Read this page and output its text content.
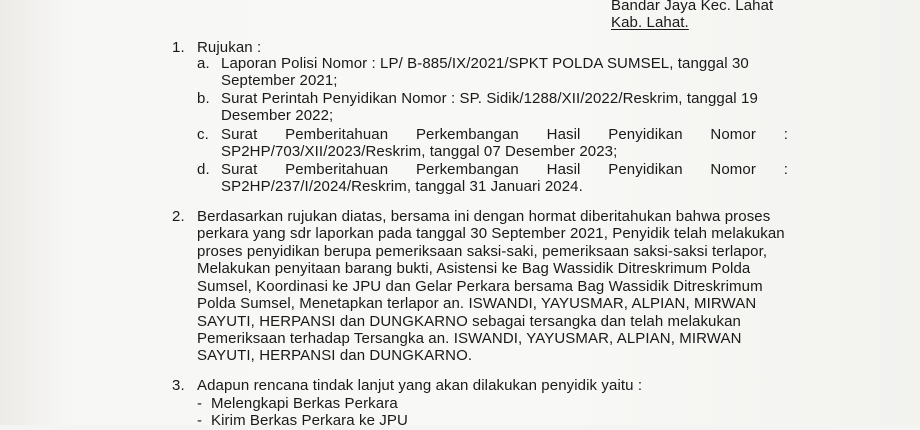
Bandar Jaya Kec. Lahat
Kab. Lahat.
1. Rujukan :
a. Laporan Polisi Nomor : LP/ B-885/IX/2021/SPKT POLDA SUMSEL, tanggal 30
September 2021;
b. Surat Perintah Penyidikan Nomor : SP. Sidik/1288/XII/2022/Reskrim, tanggal 19
Desember 2022;
c. Surat Pemberitahuan Perkembangan Hasil Penyidikan Nomor :
SP2HP/703/XII/2023/Reskrim, tanggal 07 Desember 2023;
d. Surat Pemberitahuan Perkembangan Hasil Penyidikan Nomor :
SP2HP/237/I/2024/Reskrim, tanggal 31 Januari 2024.
2. Berdasarkan rujukan diatas, bersama ini dengan hormat diberitahukan bahwa proses
perkara yang sdr laporkan pada tanggal 30 September 2021, Penyidik telah melakukan
proses penyidikan berupa pemeriksaan saksi-saki, pemeriksaan saksi-saksi terlapor,
Melakukan penyitaan barang bukti, Asistensi ke Bag Wassidik Ditreskrimum Polda
Sumsel, Koordinasi ke JPU dan Gelar Perkara bersama Bag Wassidik Ditreskrimum
Polda Sumsel, Menetapkan terlapor an. ISWANDI, YAYUSMAR, ALPIAN, MIRWAN
SAYUTI, HERPANSI dan DUNGKARNO sebagai tersangka dan telah melakukan
Pemeriksaan terhadap Tersangka an. ISWANDI, YAYUSMAR, ALPIAN, MIRWAN
SAYUTI, HERPANSI dan DUNGKARNO.
3. Adapun rencana tindak lanjut yang akan dilakukan penyidik yaitu :
- Melengkapi Berkas Perkara
- Kirim Berkas Perkara ke JPU
